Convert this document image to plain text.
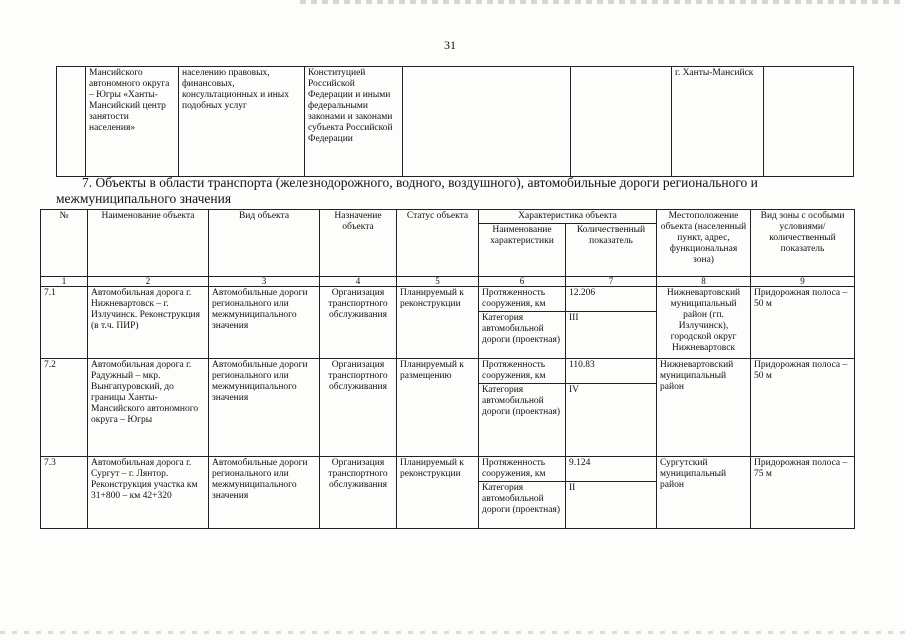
31
	Мансийского автономного округа – Югры «Ханты-Мансийский центр занятости населения»	населению правовых, финансовых, консультационных и иных подобных услуг	Конституцией Российской Федерации и иными федеральными законами и законами субъекта Российской Федерации			г. Ханты-Мансийск	
7. Объекты в области транспорта (железнодорожного, водного, воздушного), автомобильные дороги регионального и
межмуниципального значения
№	Наименование объекта	Вид объекта	Назначение объекта	Статус объекта	Характеристика объекта		Местоположение объекта (населенный пункт, адрес, функциональная зона)	Вид зоны с особыми условиями/ количественный показатель
					Наименование характеристики	Количественный показатель		
1	2	3	4	5	6	7	8	9
7.1	Автомобильная дорога г. Нижневартовск – г. Излучинск. Реконструкция (в т.ч. ПИР)	Автомобильные дороги регионального или межмуниципального значения	Организация транспортного обслуживания	Планируемый к реконструкции	Протяженность сооружения, км	12.206	Нижневартовский муниципальный район (гп. Излучинск), городской округ Нижневартовск	Придорожная полоса – 50 м
					Категория автомобильной дороги (проектная)	III		
7.2	Автомобильная дорога г. Радужный – мкр. Вынгапуровский, до границы Ханты-Мансийского автономного округа – Югры	Автомобильные дороги регионального или межмуниципального значения	Организация транспортного обслуживания	Планируемый к размещению	Протяженность сооружения, км	110.83	Нижневартовский муниципальный район	Придорожная полоса – 50 м
					Категория автомобильной дороги (проектная)	IV		
7.3	Автомобильная дорога г. Сургут – г. Лянтор. Реконструкция участка км 31+800 – км 42+320	Автомобильные дороги регионального или межмуниципального значения	Организация транспортного обслуживания	Планируемый к реконструкции	Протяженность сооружения, км	9.124	Сургутский муниципальный район	Придорожная полоса – 75 м
					Категория автомобильной дороги (проектная)	II		
